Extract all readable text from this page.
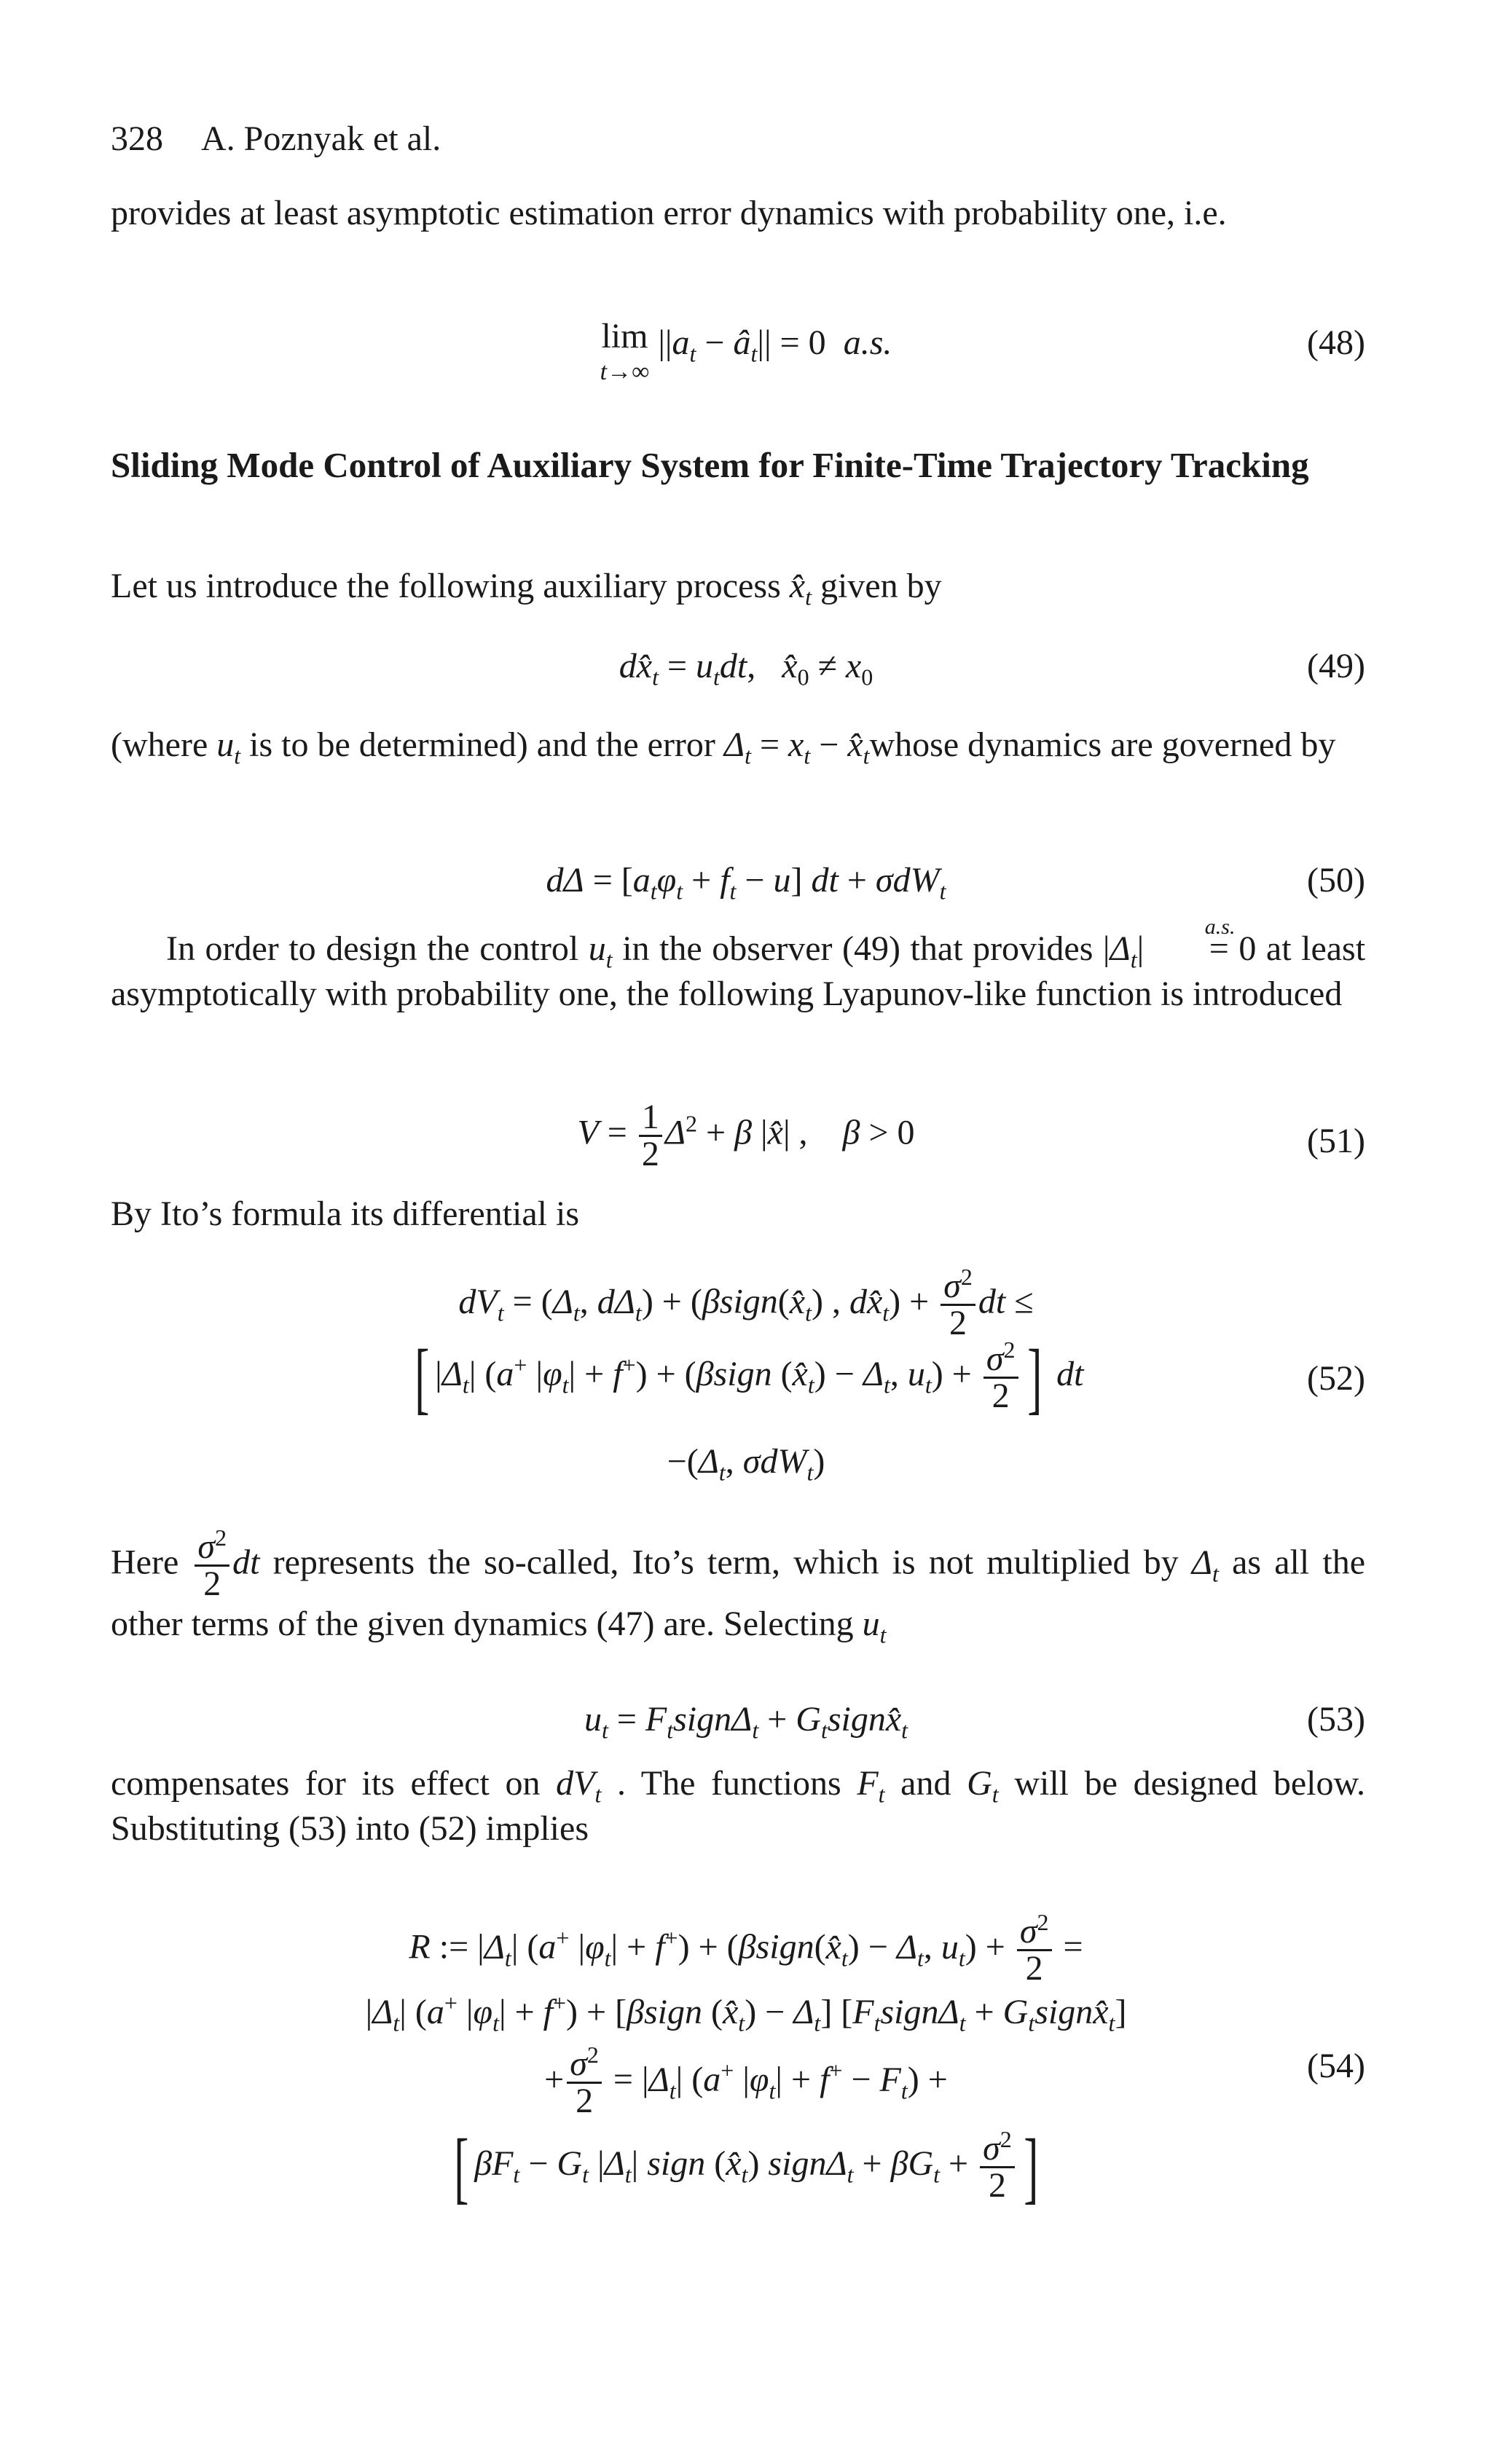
328 A. Poznyak et al.
provides at least asymptotic estimation error dynamics with probability one, i.e.
lim
t→∞ $||a_t$ − $â_t|| = 0$  a.s.	(48)
Sliding Mode Control of Auxiliary System for Finite-Time Trajectory Tracking
Let us introduce the following auxiliary process $x̂_t$ given by
$dx̂_t = u_tdt$,   $x̂_0 \ne x_0$	(49)
(where $u_t$ is to be determined) and the error $\Delta_t = x_t$ − $x̂_twhose$ dynamics are governed by
$d\Delta = [a_t\varphi_t + f_t - u]$ dt + σdW$_t$	(50)
In order to design the control $u_t$ in the observer (49) that provides $|\Delta_t|$ =
a.s.
0 at least asymptotically with probability one, the following Lyapunov-like function is introduced
$V = \frac{1}{2} \Delta^2 + \beta$ |x̂| ,    β > 0	(51)
By Ito’s formula its differential is
$dV_t = (\Delta_t$, $d\Delta_t$) + ($\beta sign(x̂_t)$ , $dx̂_t) + \frac{\sigma^2}{2}$ dt ≤
[ $|\Delta_t|$ (a+ $|\varphi_t| + f^+$) + (βsign $(x̂_t) - \Delta_t$, $u_t) + \frac{\sigma^2}{2}$ ] dt
$-(\Delta_t$, σdW$_t$)
(52)
Here $\frac{\sigma^2}{2}$ dt represents the so-called, Ito’s term, which is not multiplied by $\Delta_t$ as all the other terms of the given dynamics (47) are. Selecting $u_t$
$u_t$ = $F_tsign\Delta_t$ + $G_tsignx̂_t$	(53)
compensates for its effect on $dV_t$ . The functions $F_t$ and $G_t$ will be designed below. Substituting (53) into (52) implies
R := $|\Delta_t|$ (a+ $|\varphi_t| + f^+$) + ($\beta sign(x̂_t) - \Delta_t$, $u_t) + \frac{\sigma^2}{2}$ =
$|\Delta_t|$ (a+ $|\varphi_t| + f^+$) + [βsign $(x̂_t) - \Delta_t$] [$F_tsign\Delta_t$ + $G_tsignx̂_t$]
+ $\frac{\sigma^2}{2} = |\Delta_t|$ (a+ $|\varphi_t| + f^+ - F_t$) +
[ $\beta F_t - G_t$ $|\Delta_t|$ sign $(x̂_t)$ signΔ$_t$ + $\beta G_t + \frac{\sigma^2}{2}$ ]
(54)
